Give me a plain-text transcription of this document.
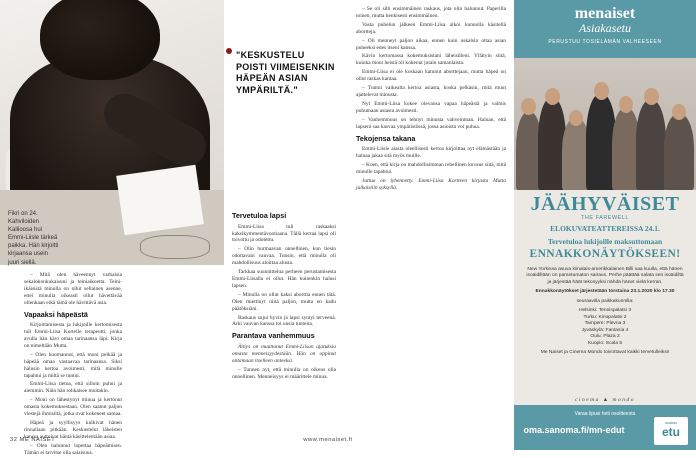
Fikri on 24. Kahviloiden Kallioosa hui Emmi-Liisle tärkeä paikka. Hän kirjoitti kirjaansa usein juuri siellä.
"KESKUSTELU POISTI VIIMEISENKIN HÄPEÄN ASIAN YMPÄRILTÄ."

– Mitä olen häveennyt varhaisia sekalokonkukaisuni ja teiniaikoetta. Teini-ikäisistä minulla on ollut sellainen asenne, ettei minulla oikeasti ollut hävettävää ollenkaan eikä tämä ole hävittävä asia.

Vapaaksi häpeästä

Kirjoittamisesta ja lukijoille kertomisesta tuli Emmi-Liisa Kortelle terapeutti, jonka avulla hän kävi omaa tarinaansa läpi. Kirja on nimeltään Mutta.

– Olen huomannut, että moni pelkää ja häpeää omaa vastaavaa tarinaansa. Siksi halusin kertoa avoimesti, mitä minulle tapahtui ja miltä se tuntui.

Emmi-Liisa tietoa, että silloin puhui ja aiemmin. Näin hän rohkaisee muitakin.

– Moni on lähestynyt minua ja kertonut omasta kokemuksestaan. Olen saanut paljon viestejä ihmisiltä, jotka ovat kokeneet samaa.

Häpeä ja syyllisyys kulkivat hänen rinnallaan pitkään. Keskustelut läheisten kanssa auttoivat häntä käsittelemään asiaa.

– Olen halunnut lopettaa häpeämisen. Tämän ei tarvitse olla salaisuus.

Tervetuloa lapsi

Emmi-Liisa tuli raskaaksi kaksikymmentävuotiaana. Tällä kertaa lapsi oli toivottu ja odotettu.

– Olin hurmaavan onnellinen, kun tiesin odottavani vauvaa. Tunsin, että minulla oli mahdollisuus aloittaa alusta.

Tarkkaa suunnittelua perheen perustamisesta Emmi-Liisalla ei ollut. Hän kuitenkin halusi lapsen.

– Minulla on ollut kaksi aborttia ennen tätä. Olen miettinyt niitä paljon, mutta en kadu päätöksiäni.

Raskaus sujui hyvin ja lapsi syntyi terveenä. Arki vauvan kanssa toi uusia tunteita.

Parantava vanhemmuus

Äitiys on muuttanut Emmi-Liisan ajatuksia omasta menneisyydestään. Hän on oppinut antamaan itselleen anteeksi.

– Tunnen nyt, että minulla on oikeus olla onnellinen. Menneisyys ei määrittele minua.

32 ME NAISET

– Se oli silti ensimmäinen raskaus, jota olin halunnut. Paperilla toinen, mutta henkisesti ensimmäinen.

Vasta puhelun jälkeen Emmi-Liisa alkoi kunnolla käsitellä abortteja.

– Oli menneyt paljon aikaa, ennen kuin uskalsin ottaa asian puheeksi edes itseni kanssa.

Kävin kertomassa kokemuksistani läheisilleni. Yllätyin siitä, kuinka moni heistä oli kokenut jotain samanlaista.

Emmi-Liisa ei ole koskaan katunut aborttejaan, mutta häpeä on ollut raskas kantaa.

– Tuntui vaikealta kertoa asiasta, koska pelkäsin, mitä muut ajattelevat minusta.

Nyt Emmi-Liisa kokee olevansa vapaa häpeästä ja valmis puhumaan asiasta avoimesti.

– Vanhemmuus on tehnyt minusta vahvemman. Haluan, että lapseni saa kasvaa ympäristössä, jossa asioista voi puhua.

Tekojensa takana

Emmi-Liisle aiasta oleellisesti kertoa kirjoittaa nyt elämästään ja haluaa jakaa sitä myös muille.

– Koen, että kirja on mahdollisimman rehellinen kuvaus siitä, mitä minulle tapahtui.

Juttua on lyhennetty. Emmi-Liisa Kortteen kirjasta Mutta julkaistiin syksyllä.

www.menaiset.fi
menaiset
Asiakasetu
PERUSTUU TOSIELÄMÄN VALHEESEEN
JÄÄHYVÄISET
THE FAREWELL
ELOKUVATEATTEREISSA 24.1.
Tervetuloa lukijoille maksuttomaan
ENNAKKONÄYTÖKSEEN!

New Yorkissa asuva kiinalais-amerikkalainen Billi saa kuulla, että hänen isoäidillään on parantumaton sairaus. Perhe päättää salata sen isoäidiltä ja järjestää häät tekosyyksi nähdä hänet vielä kerran.

Ennakkonäytökset järjestetään torstaina 23.1.2020 klo 17.30

seuraavilla paikkakunnilla:

Helsinki: Tennispalatsi 3
Turku: Kinopalatsi 2
Tampere: Plevna 3
Jyväskylä: Fantasia 4
Oulu: Plaza 2
Kuopio: Scala 5

Me Naiset ja Cinema Mondo toivottavat kaikki tervetulleiksi!

cinema ▲ mondo
Varaa lipusi heti osoitteesta
oma.sanoma.fi/mn-edut
asiakas
etu
